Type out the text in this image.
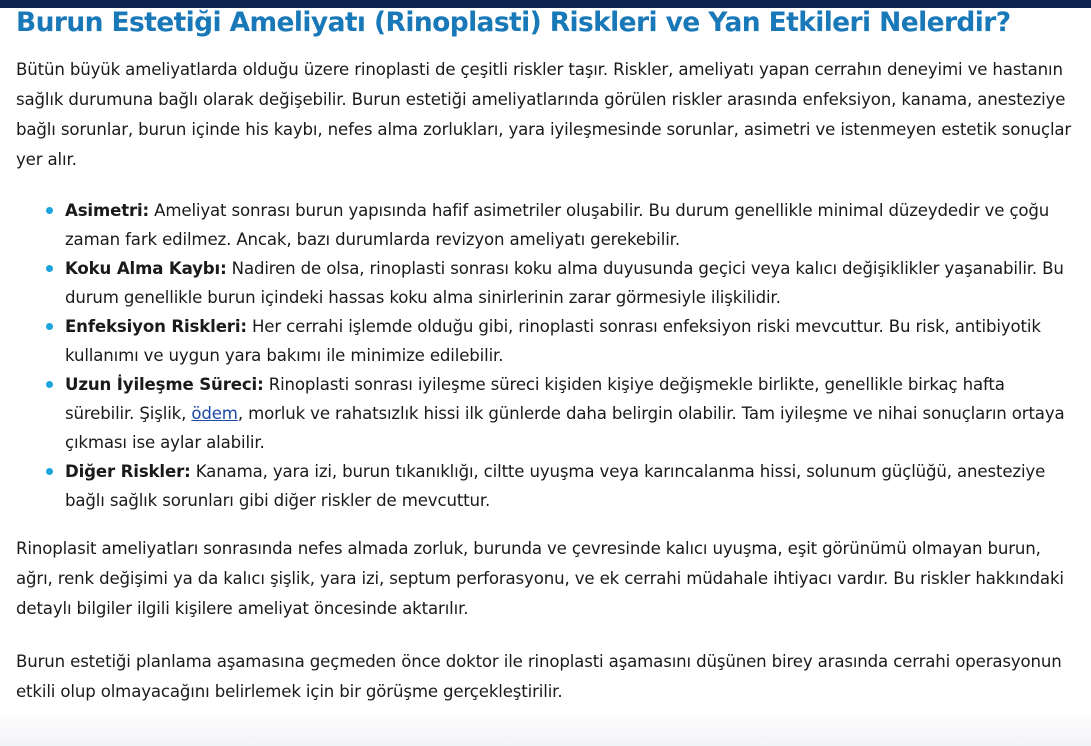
Burun Estetiği Ameliyatı (Rinoplasti) Riskleri ve Yan Etkileri Nelerdir?

Bütün büyük ameliyatlarda olduğu üzere rinoplasti de çeşitli riskler taşır. Riskler, ameliyatı yapan cerrahın deneyimi ve hastanın sağlık durumuna bağlı olarak değişebilir. Burun estetiği ameliyatlarında görülen riskler arasında enfeksiyon, kanama, anesteziye bağlı sorunlar, burun içinde his kaybı, nefes alma zorlukları, yara iyileşmesinde sorunlar, asimetri ve istenmeyen estetik sonuçlar yer alır.

Asimetri: Ameliyat sonrası burun yapısında hafif asimetriler oluşabilir. Bu durum genellikle minimal düzeydedir ve çoğu zaman fark edilmez. Ancak, bazı durumlarda revizyon ameliyatı gerekebilir.
Koku Alma Kaybı: Nadiren de olsa, rinoplasti sonrası koku alma duyusunda geçici veya kalıcı değişiklikler yaşanabilir. Bu durum genellikle burun içindeki hassas koku alma sinirlerinin zarar görmesiyle ilişkilidir.
Enfeksiyon Riskleri: Her cerrahi işlemde olduğu gibi, rinoplasti sonrası enfeksiyon riski mevcuttur. Bu risk, antibiyotik kullanımı ve uygun yara bakımı ile minimize edilebilir.
Uzun İyileşme Süreci: Rinoplasti sonrası iyileşme süreci kişiden kişiye değişmekle birlikte, genellikle birkaç hafta sürebilir. Şişlik, ödem, morluk ve rahatsızlık hissi ilk günlerde daha belirgin olabilir. Tam iyileşme ve nihai sonuçların ortaya çıkması ise aylar alabilir.
Diğer Riskler: Kanama, yara izi, burun tıkanıklığı, ciltte uyuşma veya karıncalanma hissi, solunum güçlüğü, anesteziye bağlı sağlık sorunları gibi diğer riskler de mevcuttur.

Rinoplasit ameliyatları sonrasında nefes almada zorluk, burunda ve çevresinde kalıcı uyuşma, eşit görünümü olmayan burun, ağrı, renk değişimi ya da kalıcı şişlik, yara izi, septum perforasyonu, ve ek cerrahi müdahale ihtiyacı vardır. Bu riskler hakkındaki detaylı bilgiler ilgili kişilere ameliyat öncesinde aktarılır.

Burun estetiği planlama aşamasına geçmeden önce doktor ile rinoplasti aşamasını düşünen birey arasında cerrahi operasyonun etkili olup olmayacağını belirlemek için bir görüşme gerçekleştirilir.
